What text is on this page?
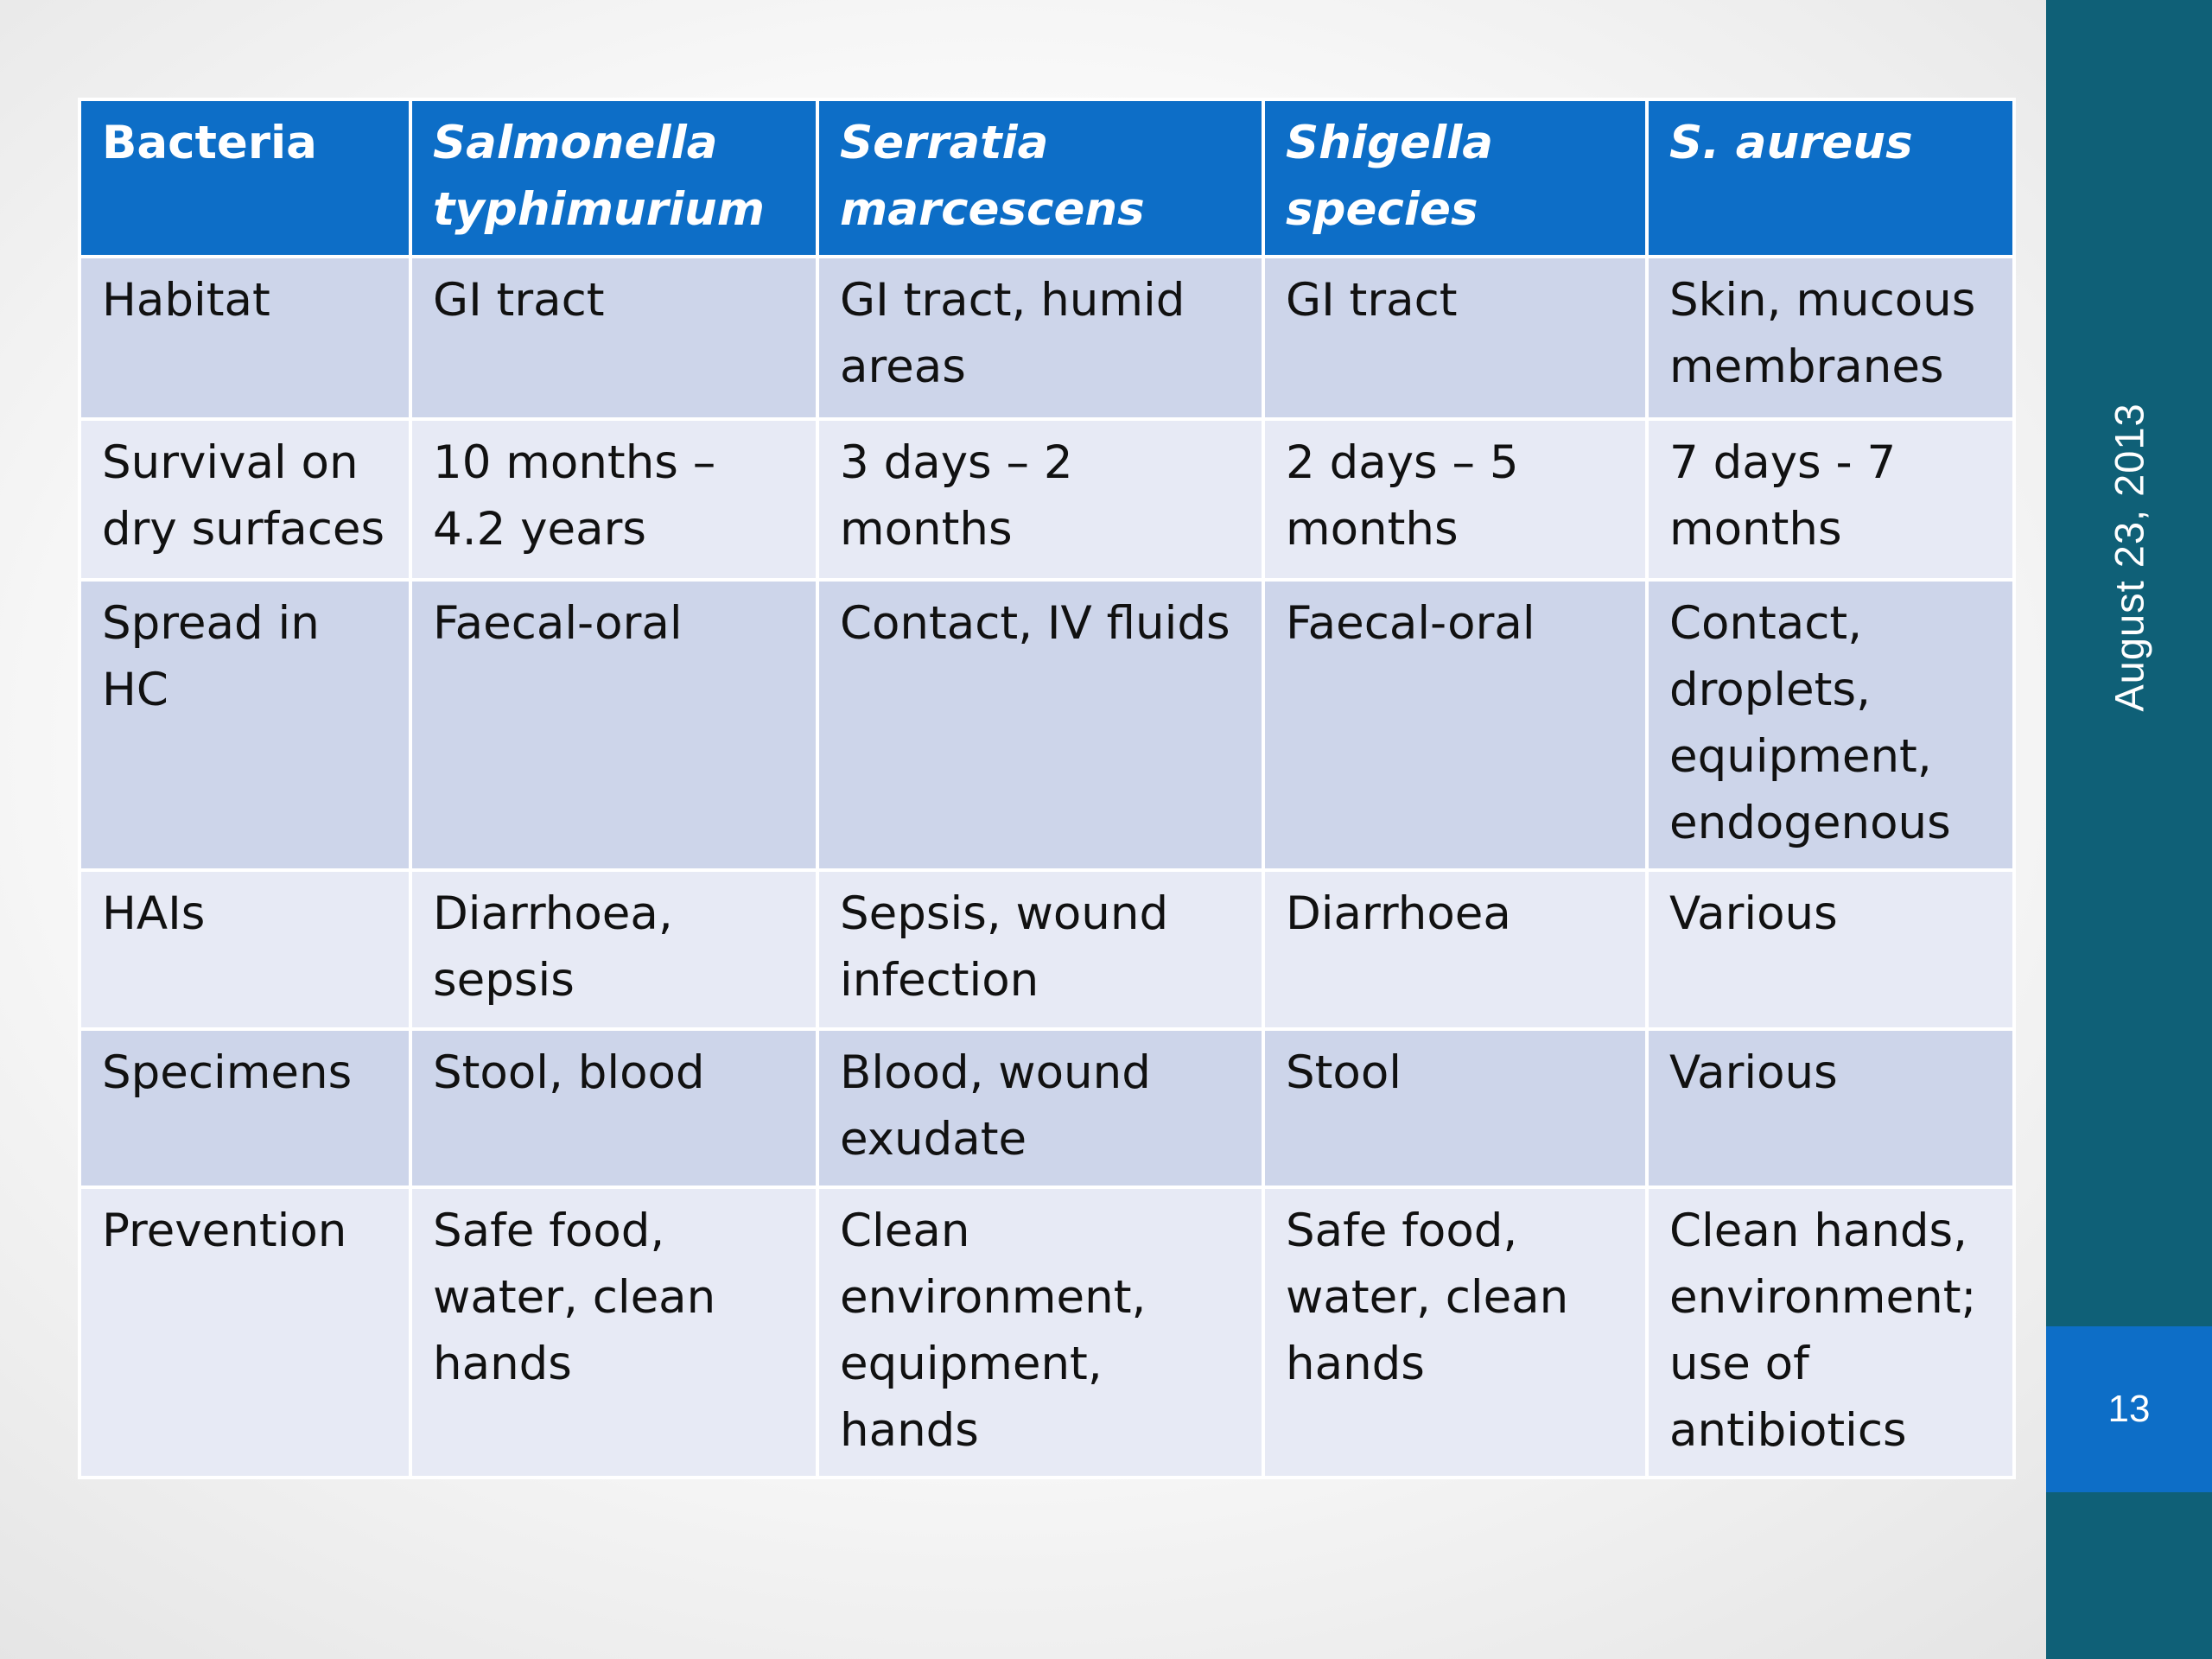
Bacteria	Salmonella typhimurium	Serratia marcescens	Shigella species	S. aureus
Habitat	GI tract	GI tract, humid areas	GI tract	Skin, mucous membranes
Survival on dry surfaces	10 months – 4.2 years	3 days – 2 months	2 days – 5 months	7 days - 7 months
Spread in HC	Faecal-oral	Contact, IV fluids	Faecal-oral	Contact, droplets, equipment, endogenous
HAIs	Diarrhoea, sepsis	Sepsis, wound infection	Diarrhoea	Various
Specimens	Stool, blood	Blood, wound exudate	Stool	Various
Prevention	Safe food, water, clean hands	Clean environment, equipment, hands	Safe food, water, clean hands	Clean hands, environment; use of antibiotics
August 23, 2013
13
